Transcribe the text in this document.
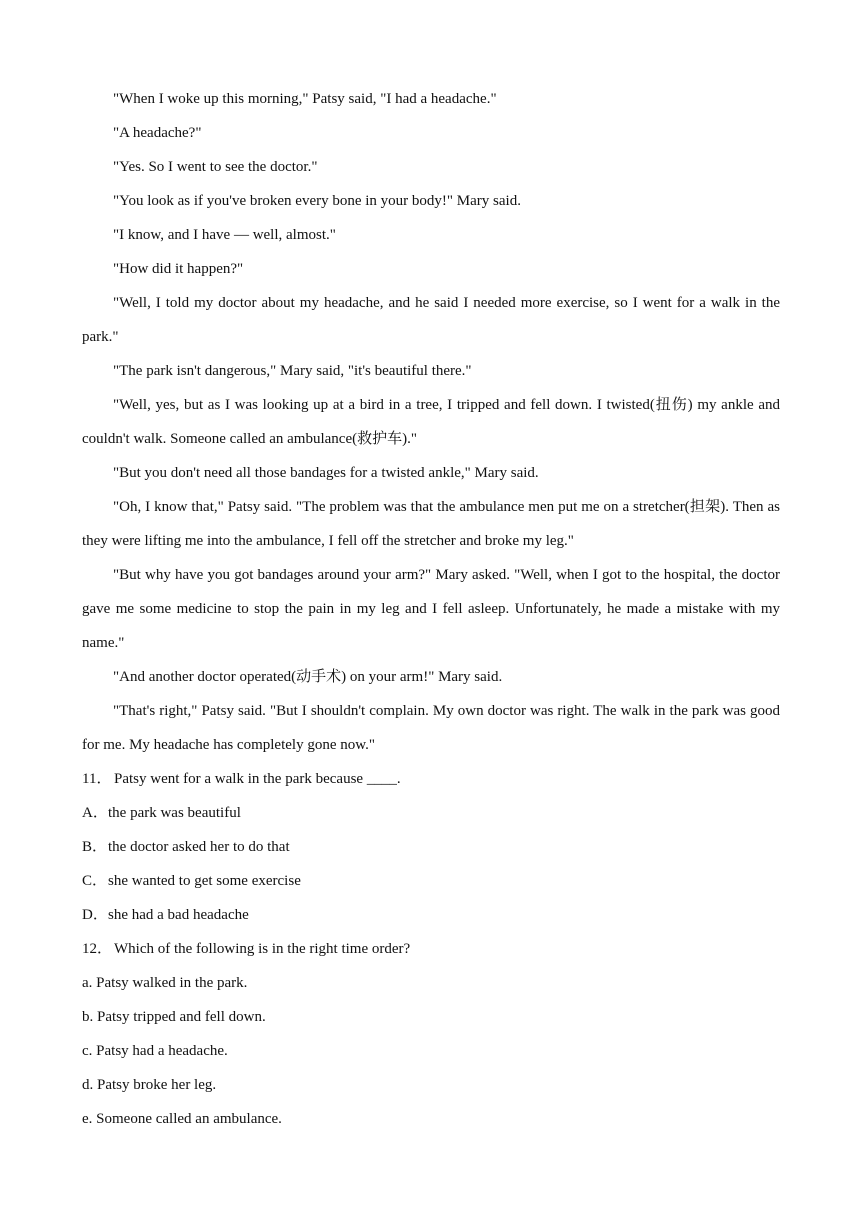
"When I woke up this morning," Patsy said, "I had a headache."

"A headache?"

"Yes. So I went to see the doctor."

"You look as if you've broken every bone in your body!" Mary said.

"I know, and I have — well, almost."

"How did it happen?"

"Well, I told my doctor about my headache, and he said I needed more exercise, so I went for a walk in the park."

"The park isn't dangerous," Mary said, "it's beautiful there."

"Well, yes, but as I was looking up at a bird in a tree, I tripped and fell down. I twisted(扭伤) my ankle and couldn't walk. Someone called an ambulance(救护车)."

"But you don't need all those bandages for a twisted ankle," Mary said.

"Oh, I know that," Patsy said. "The problem was that the ambulance men put me on a stretcher(担架). Then as they were lifting me into the ambulance, I fell off the stretcher and broke my leg."

"But why have you got bandages around your arm?" Mary asked. "Well, when I got to the hospital, the doctor gave me some medicine to stop the pain in my leg and I fell asleep. Unfortunately, he made a mistake with my name."

"And another doctor operated(动手术) on your arm!" Mary said.

"That's right," Patsy said. "But I shouldn't complain. My own doctor was right. The walk in the park was good for me. My headache has completely gone now."

11． Patsy went for a walk in the park because ____.

A．the park was beautiful

B．the doctor asked her to do that

C．she wanted to get some exercise

D．she had a bad headache

12． Which of the following is in the right time order?

a. Patsy walked in the park.

b. Patsy tripped and fell down.

c. Patsy had a headache.

d. Patsy broke her leg.

e. Someone called an ambulance.
